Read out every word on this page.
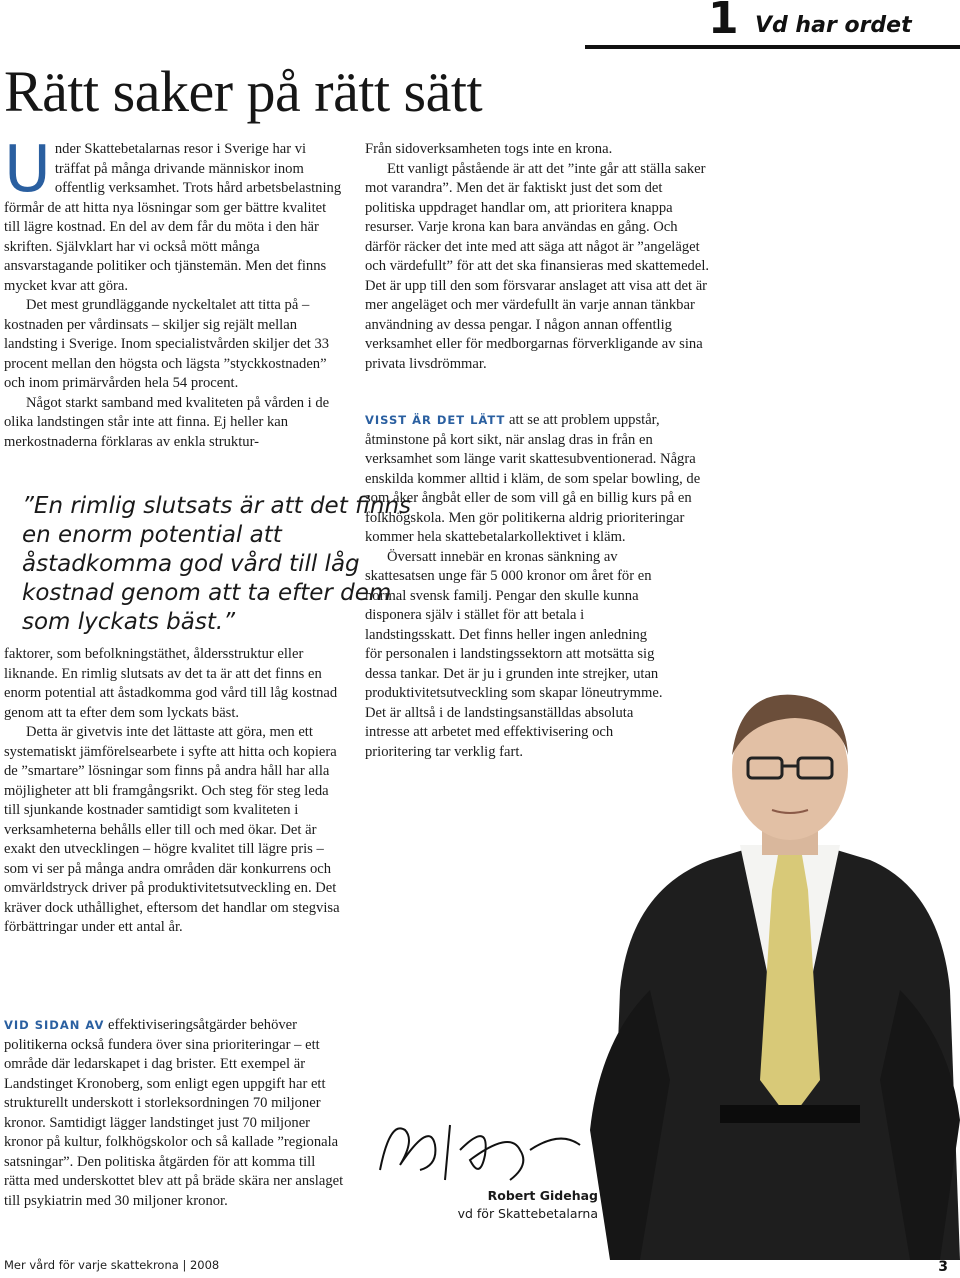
1 Vd har ordet
Rätt saker på rätt sätt

Under Skattebetalarnas resor i Sverige har vi träffat på många drivande människor inom offentlig verksamhet. Trots hård arbetsbelastning förmår de att hitta nya lösningar som ger bättre kvalitet till lägre kostnad. En del av dem får du möta i den här skriften. Självklart har vi också mött många ansvarstagande politiker och tjänstemän. Men det finns mycket kvar att göra.

Det mest grundläggande nyckeltalet att titta på – kostnaden per vårdinsats – skiljer sig rejält mellan landsting i Sverige. Inom specialistvården skiljer det 33 procent mellan den högsta och lägsta ”styckkostnaden” och inom primärvården hela 54 procent.

Något starkt samband med kvaliteten på vården i de olika landstingen står inte att finna. Ej heller kan merkostnaderna förklaras av enkla struktur-

”En rimlig slutsats är att det finns en enorm potential att åstadkomma god vård till låg kostnad genom att ta efter dem som lyckats bäst.”

faktorer, som befolkningstäthet, åldersstruktur eller liknande. En rimlig slutsats av det ta är att det finns en enorm potential att åstadkomma god vård till låg kostnad genom att ta efter dem som lyckats bäst.

Detta är givetvis inte det lättaste att göra, men ett systematiskt jämförelsearbete i syfte att hitta och kopiera de ”smartare” lösningar som finns på andra håll har alla möjligheter att bli framgångsrikt. Och steg för steg leda till sjunkande kostnader samtidigt som kvaliteten i verksamheterna behålls eller till och med ökar. Det är exakt den utvecklingen – högre kvalitet till lägre pris – som vi ser på många andra områden där konkurrens och omvärldstryck driver på produktivitetsutveckling en. Det kräver dock uthållighet, eftersom det handlar om stegvisa förbättringar under ett antal år.

VID SIDAN AV effektiviseringsåtgärder behöver politikerna också fundera över sina prioriteringar – ett område där ledarskapet i dag brister. Ett exempel är Landstinget Kronoberg, som enligt egen uppgift har ett strukturellt underskott i storleksordningen 70 miljoner kronor. Samtidigt lägger landstinget just 70 miljoner kronor på kultur, folkhögskolor och så kallade ”regionala satsningar”. Den politiska åtgärden för att komma till rätta med underskottet blev att på bräde skära ner anslaget till psykiatrin med 30 miljoner kronor.

Från sidoverksamheten togs inte en krona.

Ett vanligt påstående är att det ”inte går att ställa saker mot varandra”. Men det är faktiskt just det som det politiska uppdraget handlar om, att prioritera knappa resurser. Varje krona kan bara användas en gång. Och därför räcker det inte med att säga att något är ”angeläget och värdefullt” för att det ska finansieras med skattemedel. Det är upp till den som försvarar anslaget att visa att det är mer angeläget och mer värdefullt än varje annan tänkbar användning av dessa pengar. I någon annan offentlig verksamhet eller för medborgarnas förverkligande av sina privata livsdrömmar.

VISST ÄR DET LÄTT att se att problem uppstår, åtminstone på kort sikt, när anslag dras in från en verksamhet som länge varit skattesubventionerad. Några enskilda kommer alltid i kläm, de som spelar bowling, de som åker ångbåt eller de som vill gå en billig kurs på en folkhögskola. Men gör politikerna aldrig prioriteringar kommer hela skattebetalarkollektivet i kläm.

Översatt innebär en kronas sänkning av skattesatsen unge fär 5 000 kronor om året för en normal svensk familj. Pengar den skulle kunna disponera själv i stället för att betala i landstingsskatt. Det finns heller ingen anledning för personalen i landstingssektorn att motsätta sig dessa tankar. Det är ju i grunden inte strejker, utan produktivitetsutveckling som skapar löneutrymme. Det är alltså i de landstingsanställdas absoluta intresse att arbetet med effektivisering och prioritering tar verklig fart.

Robert Gidehag
vd för Skattebetalarna
Mer vård för varje skattekrona | 2008	3
